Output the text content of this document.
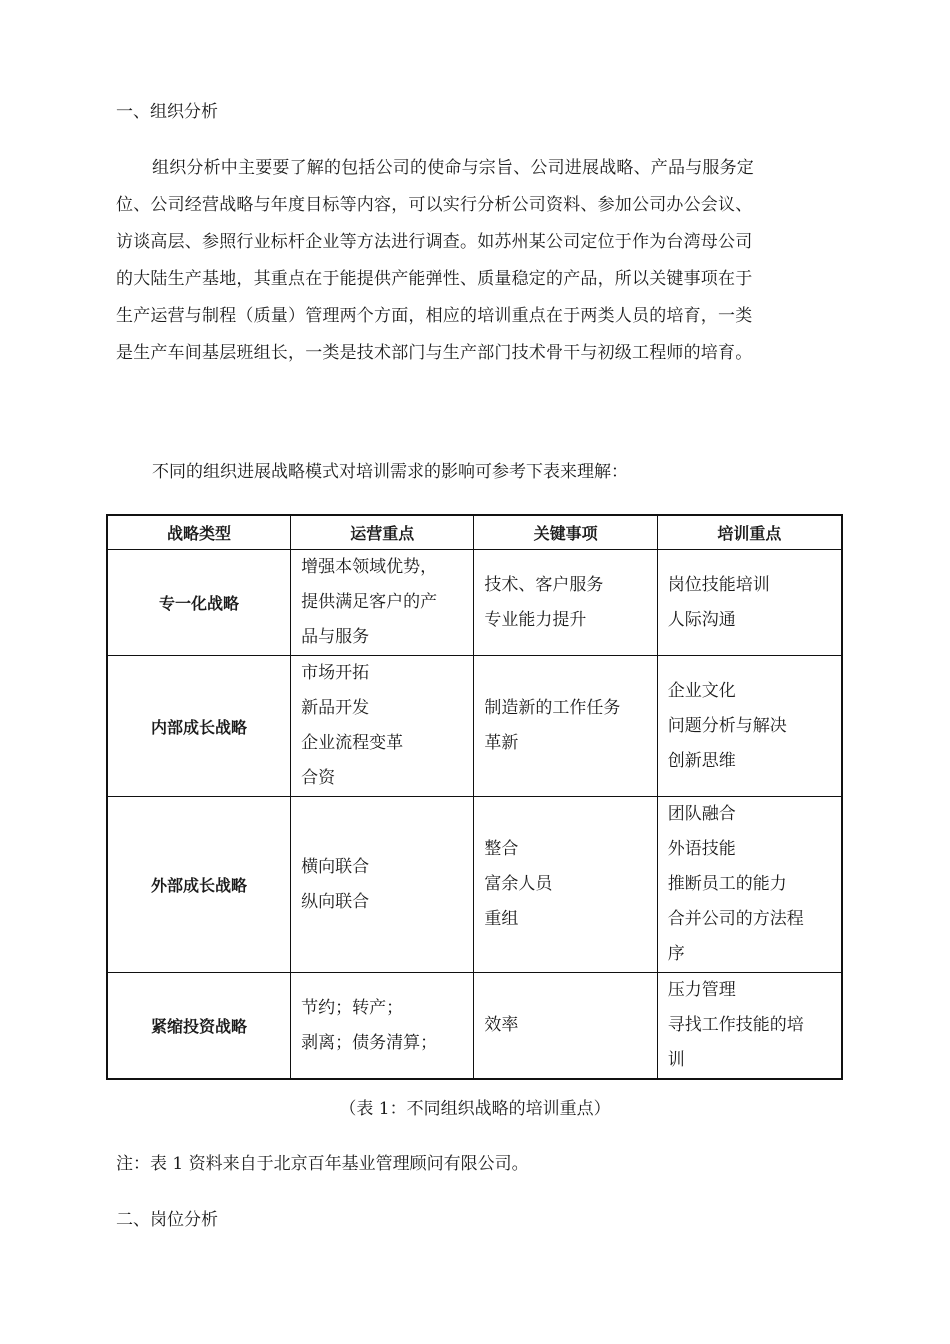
一、组织分析

组织分析中主要要了解的包括公司的使命与宗旨、公司进展战略、产品与服务定

位、公司经营战略与年度目标等内容，可以实行分析公司资料、参加公司办公会议、

访谈高层、参照行业标杆企业等方法进行调查。如苏州某公司定位于作为台湾母公司

的大陆生产基地，其重点在于能提供产能弹性、质量稳定的产品，所以关键事项在于

生产运营与制程（质量）管理两个方面，相应的培训重点在于两类人员的培育，一类

是生产车间基层班组长，一类是技术部门与生产部门技术骨干与初级工程师的培育。

不同的组织进展战略模式对培训需求的影响可参考下表来理解：
战略类型	运营重点	关键事项	培训重点
专一化战略	增强本领域优势，
提供满足客户的产
品与服务	技术、客户服务
专业能力提升	岗位技能培训
人际沟通

内部成长战略	市场开拓
新品开发
企业流程变革
合资	制造新的工作任务
革新	企业文化
问题分析与解决
创新思维

外部成长战略	横向联合
纵向联合	整合
富余人员
重组	团队融合
外语技能
推断员工的能力
合并公司的方法程
序

紧缩投资战略	节约；转产；
剥离；债务清算；	效率	压力管理
寻找工作技能的培
训
（表 1：不同组织战略的培训重点）
注：表 1 资料来自于北京百年基业管理顾问有限公司。
二、岗位分析
